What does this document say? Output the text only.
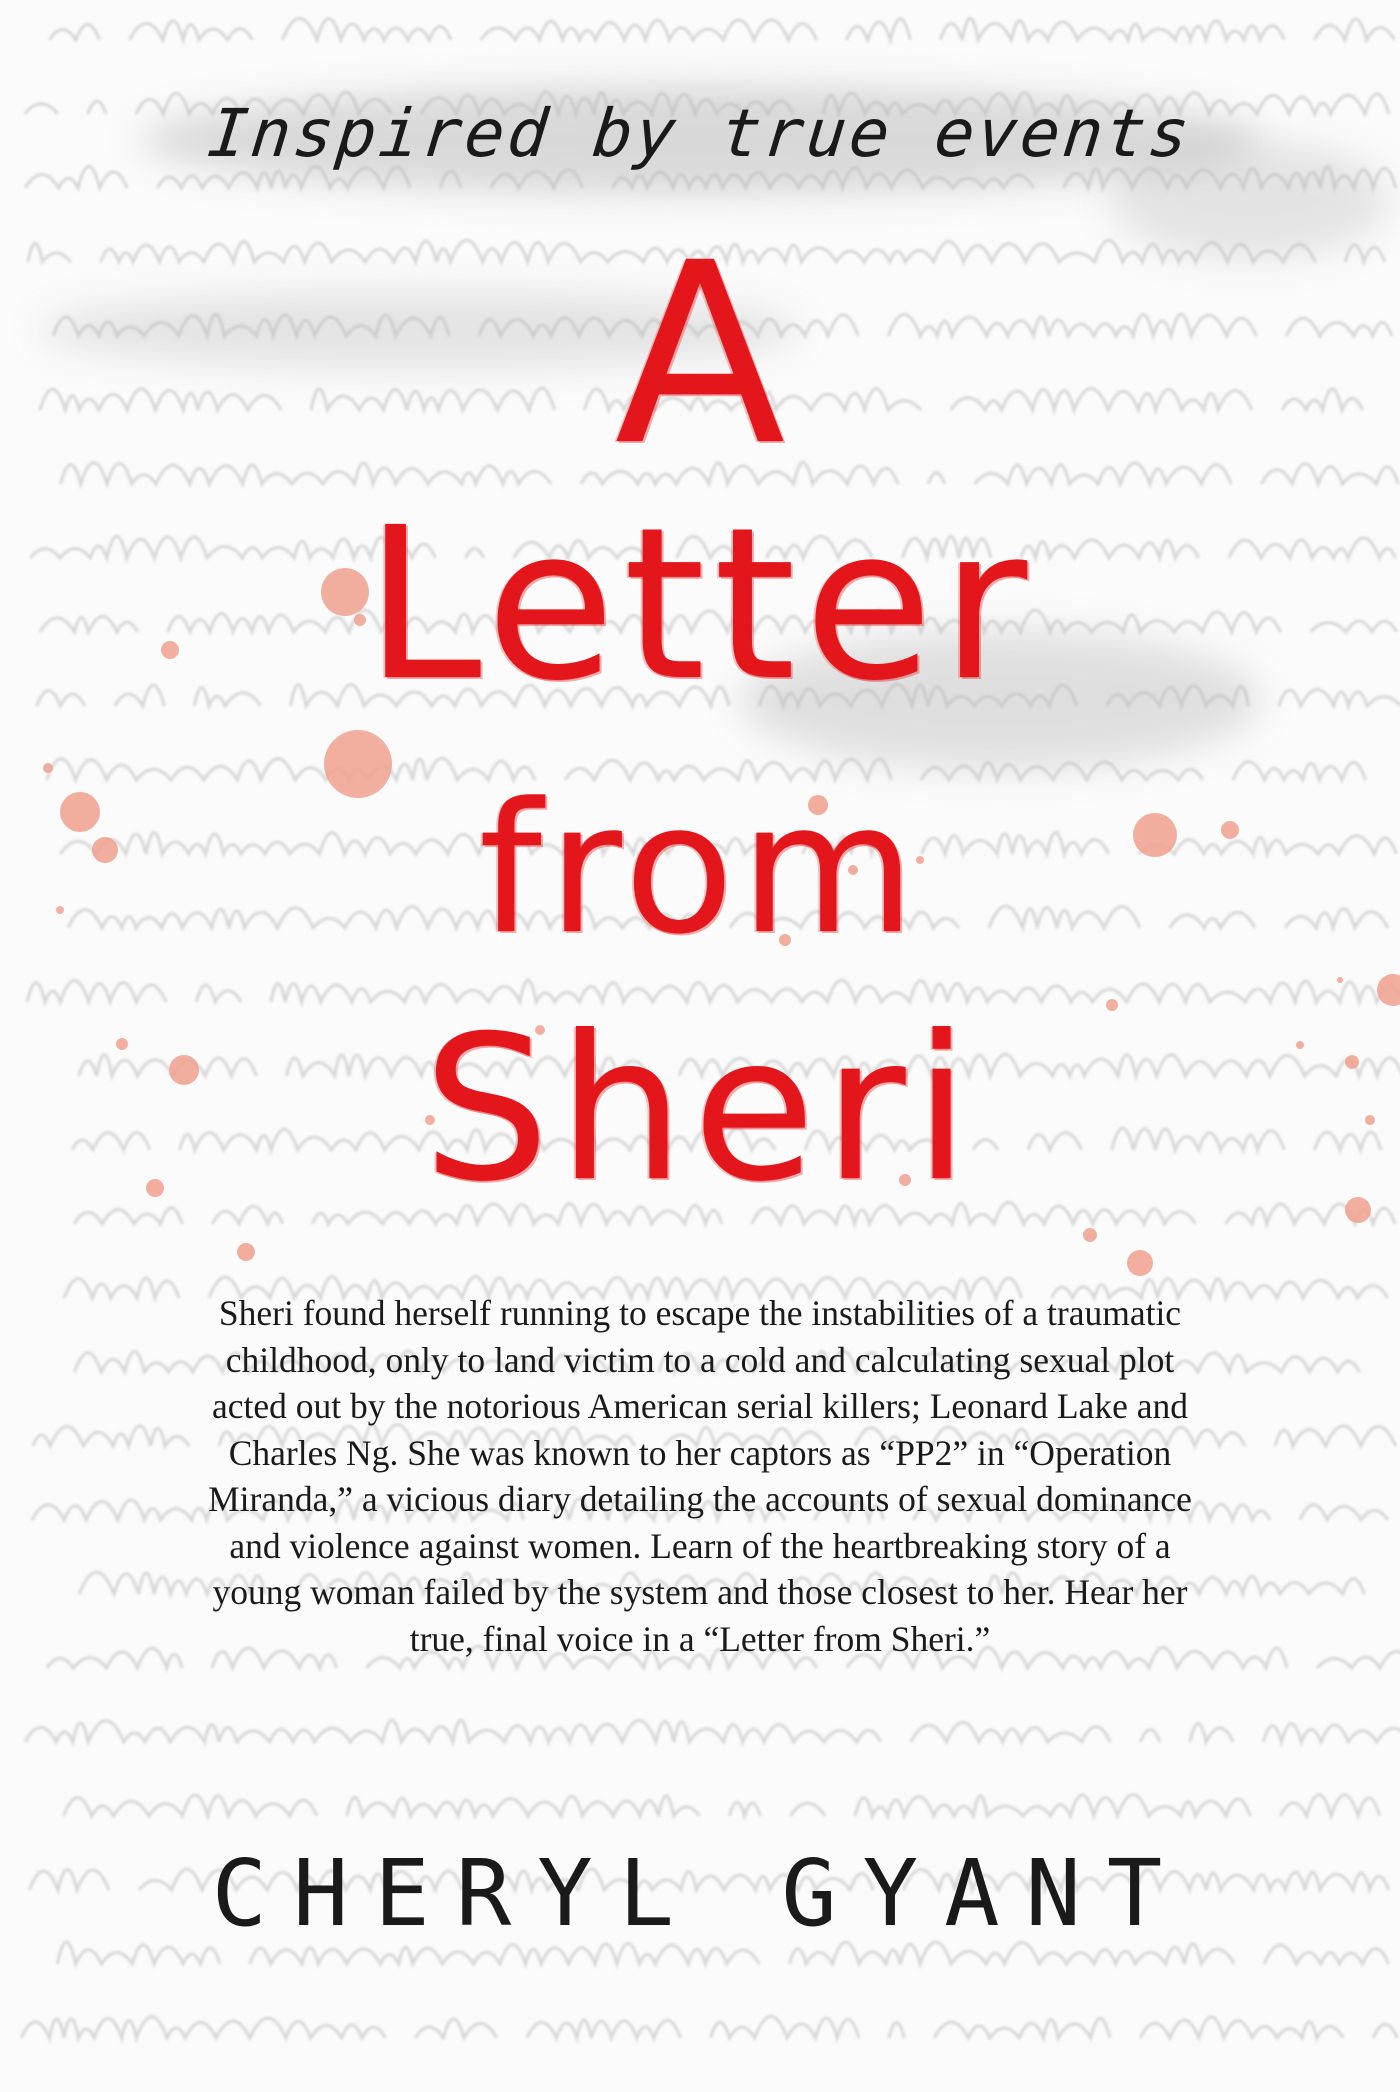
Inspired by true events
A
Letter
from
Sheri
Sheri found herself running to escape the instabilities of a traumatic childhood, only to land victim to a cold and calculating sexual plot acted out by the notorious American serial killers; Leonard Lake and Charles Ng. She was known to her captors as “PP2” in “Operation Miranda,” a vicious diary detailing the accounts of sexual dominance and violence against women. Learn of the heartbreaking story of a young woman failed by the system and those closest to her. Hear her true, final voice in a “Letter from Sheri.”
CHERYL GYANT
